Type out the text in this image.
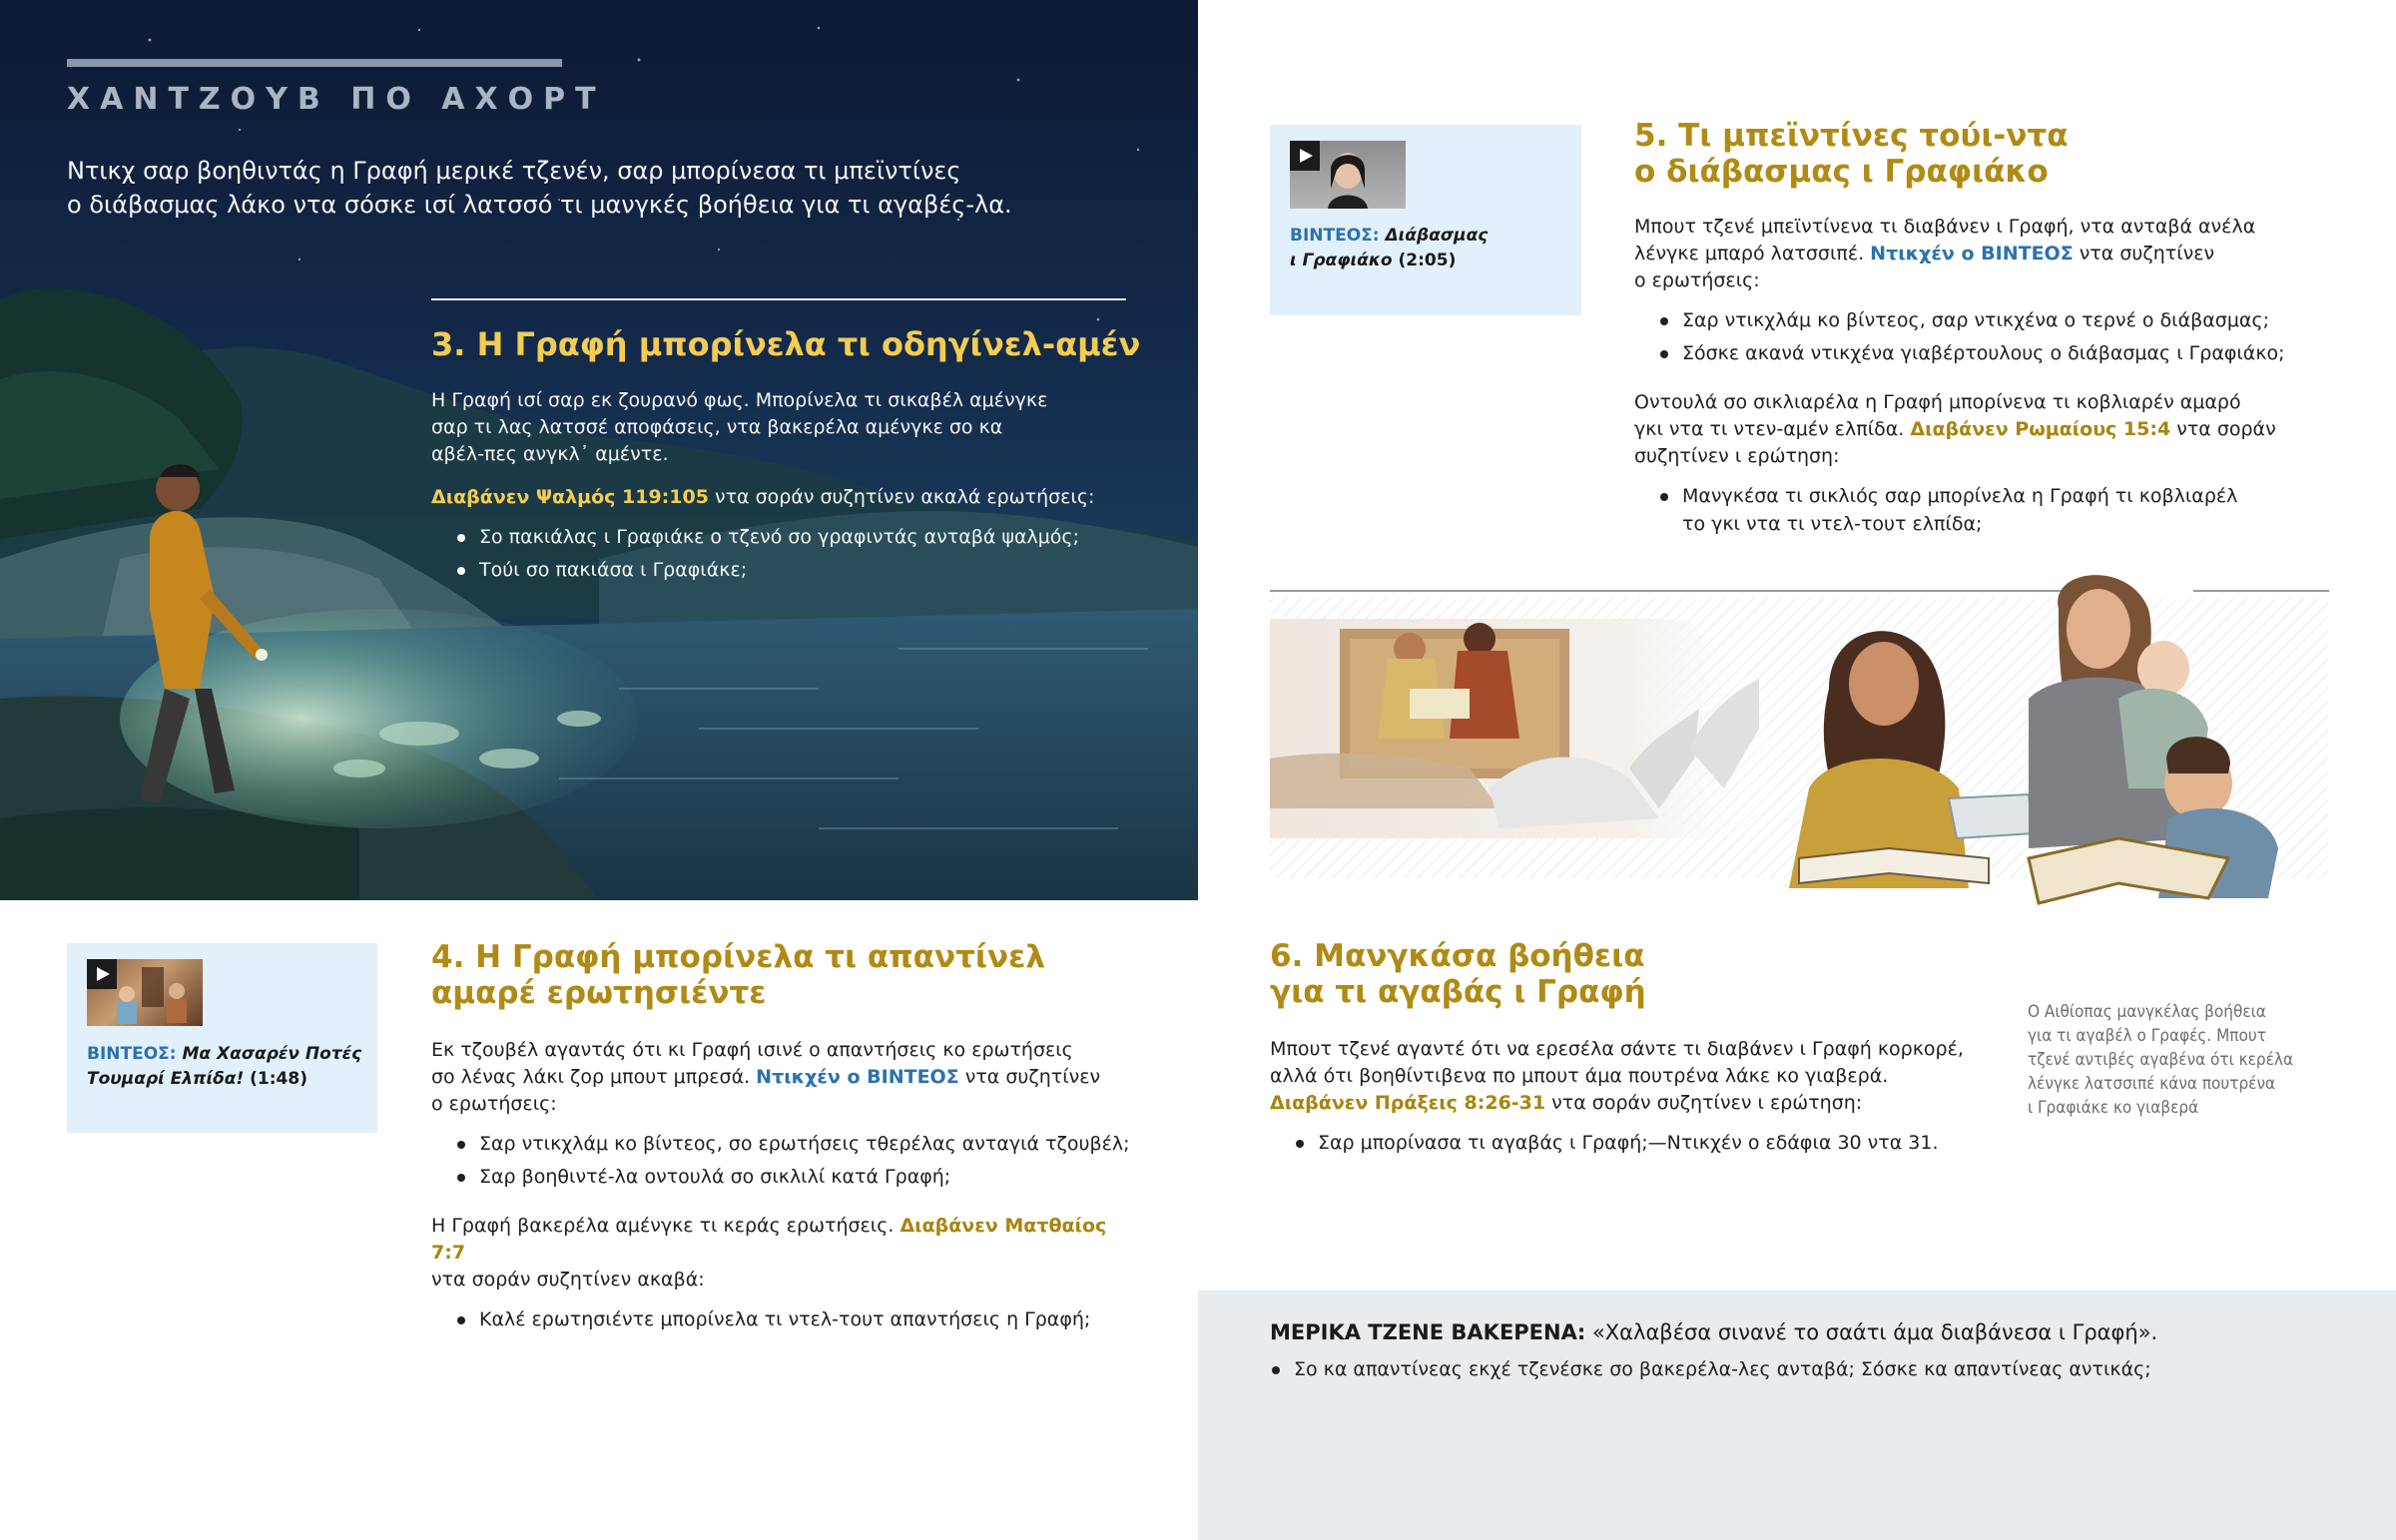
ΧΑΝΤΖΟΥΒ ΠΟ ΑΧΟΡΤ
Ντικχ σαρ βοηθιντάς η Γραφή μερικέ τζενέν, σαρ μπορίνεσα τι μπεϊντίνες
ο διάβασμας λάκο ντα σόσκε ισί λατσσό τι μανγκές βοήθεια για τι αγαβές-λα.
3. Η Γραφή μπορίνελα τι οδηγίνελ-αμέν
Η Γραφή ισί σαρ εκ ζουρανό φως. Μπορίνελα τι σικαβέλ αμένγκε
σαρ τι λας λατσσέ αποφάσεις, ντα βακερέλα αμένγκε σο κα
αβέλ-πες ανγκλ᾽ αμέντε.
Διαβάνεν Ψαλμός 119:105 ντα σοράν συζητίνεν ακαλά ερωτήσεις:
Σο πακιάλας ι Γραφιάκε ο τζενό σο γραφιντάς ανταβά ψαλμός;
Τούι σο πακιάσα ι Γραφιάκε;
ΒΙΝΤΕΟΣ: Μα Χασαρέν Ποτές
Τουμαρί Ελπίδα! (1:48)
4. Η Γραφή μπορίνελα τι απαντίνελ
αμαρέ ερωτησιέντε
Εκ τζουβέλ αγαντάς ότι κι Γραφή ισινέ ο απαντήσεις κο ερωτήσεις
σο λένας λάκι ζορ μπουτ μπρεσά. Ντικχέν ο ΒΙΝΤΕΟΣ ντα συζητίνεν
ο ερωτήσεις:
Σαρ ντικχλάμ κο βίντεος, σο ερωτήσεις τθερέλας ανταγιά τζουβέλ;
Σαρ βοηθιντέ-λα οντουλά σο σικλιλί κατά Γραφή;
Η Γραφή βακερέλα αμένγκε τι κεράς ερωτήσεις. Διαβάνεν Ματθαίος 7:7
ντα σοράν συζητίνεν ακαβά:
Καλέ ερωτησιέντε μπορίνελα τι ντελ-τουτ απαντήσεις η Γραφή;
ΒΙΝΤΕΟΣ: Διάβασμας
ι Γραφιάκο (2:05)
5. Τι μπεϊντίνες τούι-ντα
ο διάβασμας ι Γραφιάκο
Μπουτ τζενέ μπεϊντίνενα τι διαβάνεν ι Γραφή, ντα ανταβά ανέλα
λένγκε μπαρό λατσσιπέ. Ντικχέν ο ΒΙΝΤΕΟΣ ντα συζητίνεν
ο ερωτήσεις:
Σαρ ντικχλάμ κο βίντεος, σαρ ντικχένα ο τερνέ ο διάβασμας;
Σόσκε ακανά ντικχένα γιαβέρτουλους ο διάβασμας ι Γραφιάκο;
Οντουλά σο σικλιαρέλα η Γραφή μπορίνενα τι κοβλιαρέν αμαρό
γκι ντα τι ντεν-αμέν ελπίδα. Διαβάνεν Ρωμαίους 15:4 ντα σοράν
συζητίνεν ι ερώτηση:
Μανγκέσα τι σικλιός σαρ μπορίνελα η Γραφή τι κοβλιαρέλ
το γκι ντα τι ντελ-τουτ ελπίδα;
6. Μανγκάσα βοήθεια
για τι αγαβάς ι Γραφή
Μπουτ τζενέ αγαντέ ότι να ερεσέλα σάντε τι διαβάνεν ι Γραφή κορκορέ,
αλλά ότι βοηθίντιβενα πο μπουτ άμα πουτρένα λάκε κο γιαβερά.
Διαβάνεν Πράξεις 8:26-31 ντα σοράν συζητίνεν ι ερώτηση:
Σαρ μπορίνασα τι αγαβάς ι Γραφή;—Ντικχέν ο εδάφια 30 ντα 31.
Ο Αιθίοπας μανγκέλας βοήθεια
για τι αγαβέλ ο Γραφές. Μπουτ
τζενέ αντιβές αγαβένα ότι κερέλα
λένγκε λατσσιπέ κάνα πουτρένα
ι Γραφιάκε κο γιαβερά
ΜΕΡΙΚΑ ΤΖΕΝΕ ΒΑΚΕΡΕΝΑ: «Χαλαβέσα σινανέ το σαάτι άμα διαβάνεσα ι Γραφή».
Σο κα απαντίνεας εκχέ τζενέσκε σο βακερέλα-λες ανταβά; Σόσκε κα απαντίνεας αντικάς;
